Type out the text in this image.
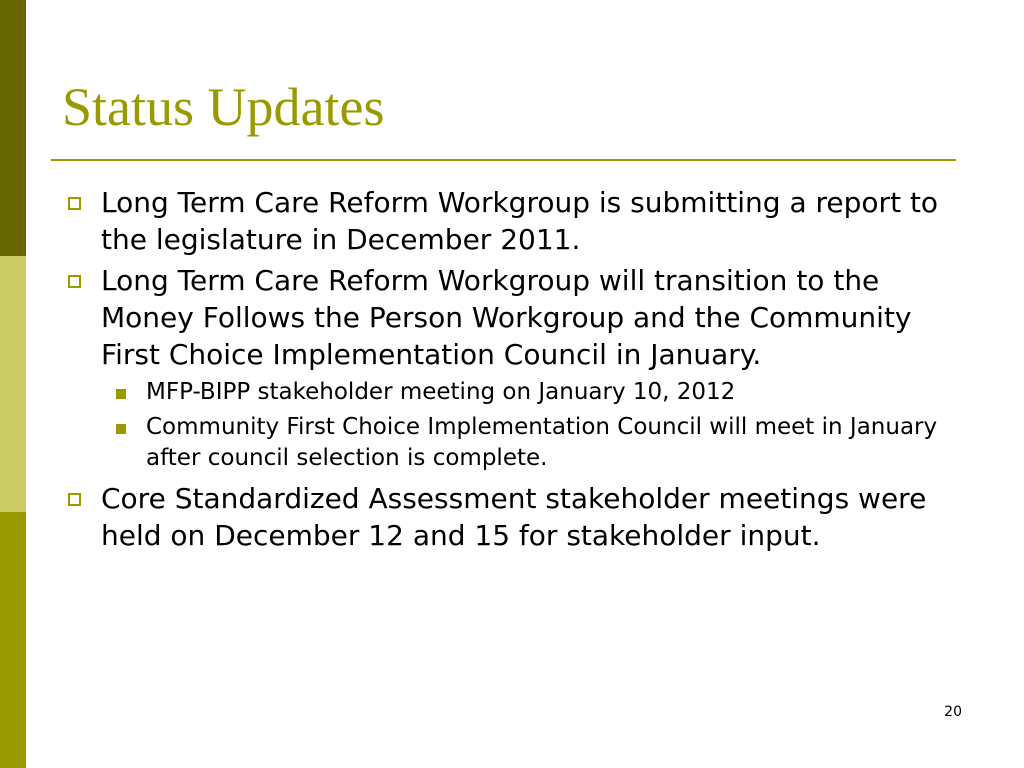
Status Updates
Long Term Care Reform Workgroup is submitting a report to the legislature in December 2011.
Long Term Care Reform Workgroup will transition to the Money Follows the Person Workgroup and the Community First Choice Implementation Council in January.
MFP-BIPP stakeholder meeting on January 10, 2012
Community First Choice Implementation Council will meet in January after council selection is complete.
Core Standardized Assessment stakeholder meetings were held on December 12 and 15 for stakeholder input.
20
